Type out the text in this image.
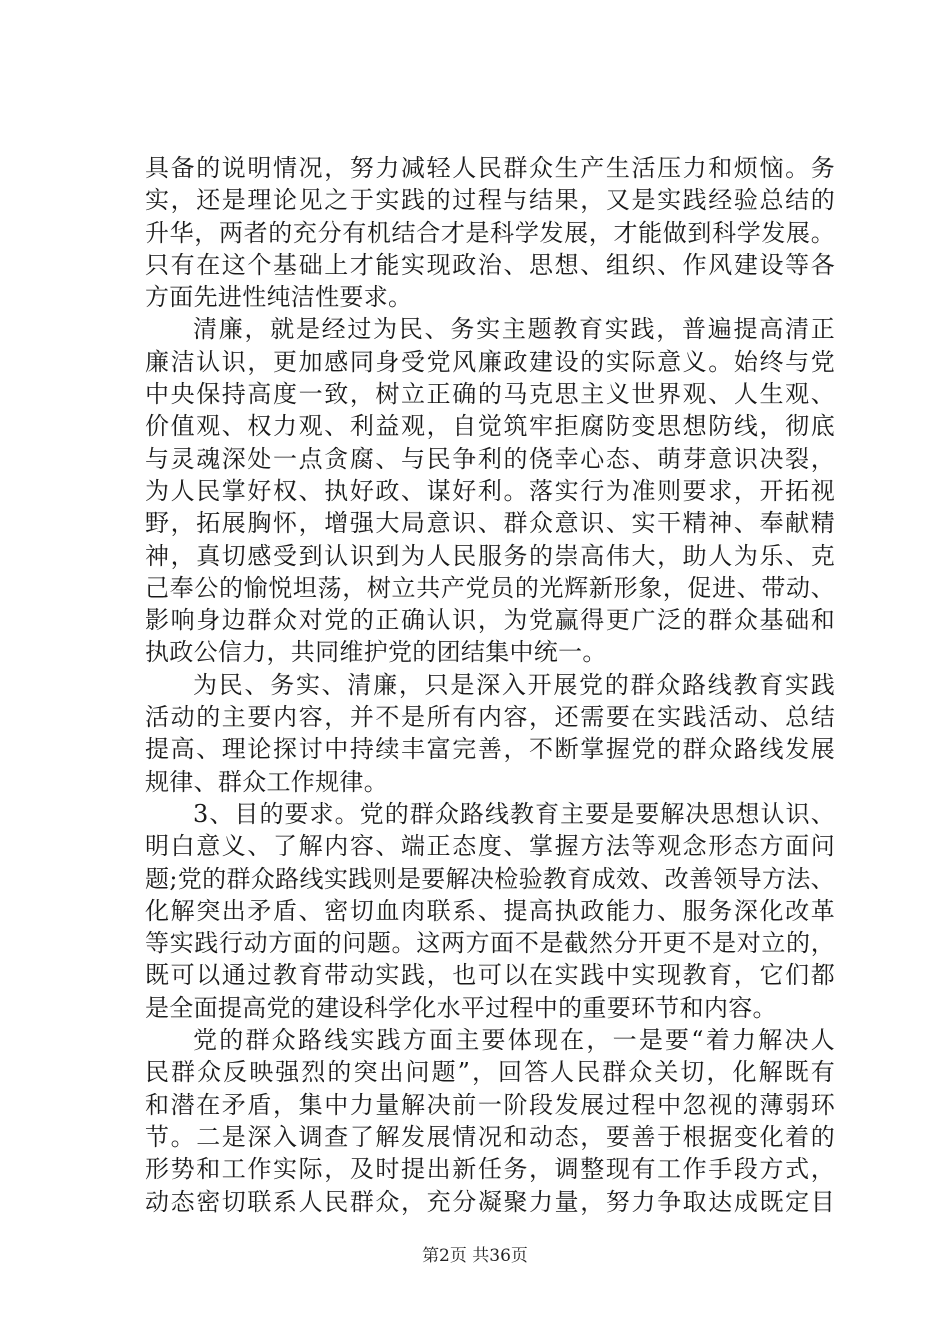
具备的说明情况，努力减轻人民群众生产生活压力和烦恼。务
实，还是理论见之于实践的过程与结果，又是实践经验总结的
升华，两者的充分有机结合才是科学发展，才能做到科学发展。
只有在这个基础上才能实现政治、思想、组织、作风建设等各
方面先进性纯洁性要求。
清廉，就是经过为民、务实主题教育实践，普遍提高清正
廉洁认识，更加感同身受党风廉政建设的实际意义。始终与党
中央保持高度一致，树立正确的马克思主义世界观、人生观、
价值观、权力观、利益观，自觉筑牢拒腐防变思想防线，彻底
与灵魂深处一点贪腐、与民争利的侥幸心态、萌芽意识决裂，
为人民掌好权、执好政、谋好利。落实行为准则要求，开拓视
野，拓展胸怀，增强大局意识、群众意识、实干精神、奉献精
神，真切感受到认识到为人民服务的崇高伟大，助人为乐、克
己奉公的愉悦坦荡，树立共产党员的光辉新形象，促进、带动、
影响身边群众对党的正确认识，为党赢得更广泛的群众基础和
执政公信力，共同维护党的团结集中统一。
为民、务实、清廉，只是深入开展党的群众路线教育实践
活动的主要内容，并不是所有内容，还需要在实践活动、总结
提高、理论探讨中持续丰富完善，不断掌握党的群众路线发展
规律、群众工作规律。
3、目的要求。党的群众路线教育主要是要解决思想认识、
明白意义、了解内容、端正态度、掌握方法等观念形态方面问
题;党的群众路线实践则是要解决检验教育成效、改善领导方法、
化解突出矛盾、密切血肉联系、提高执政能力、服务深化改革
等实践行动方面的问题。这两方面不是截然分开更不是对立的，
既可以通过教育带动实践，也可以在实践中实现教育，它们都
是全面提高党的建设科学化水平过程中的重要环节和内容。
党的群众路线实践方面主要体现在，一是要“着力解决人
民群众反映强烈的突出问题”，回答人民群众关切，化解既有
和潜在矛盾，集中力量解决前一阶段发展过程中忽视的薄弱环
节。二是深入调查了解发展情况和动态，要善于根据变化着的
形势和工作实际，及时提出新任务，调整现有工作手段方式，
动态密切联系人民群众，充分凝聚力量，努力争取达成既定目
第2页 共36页
